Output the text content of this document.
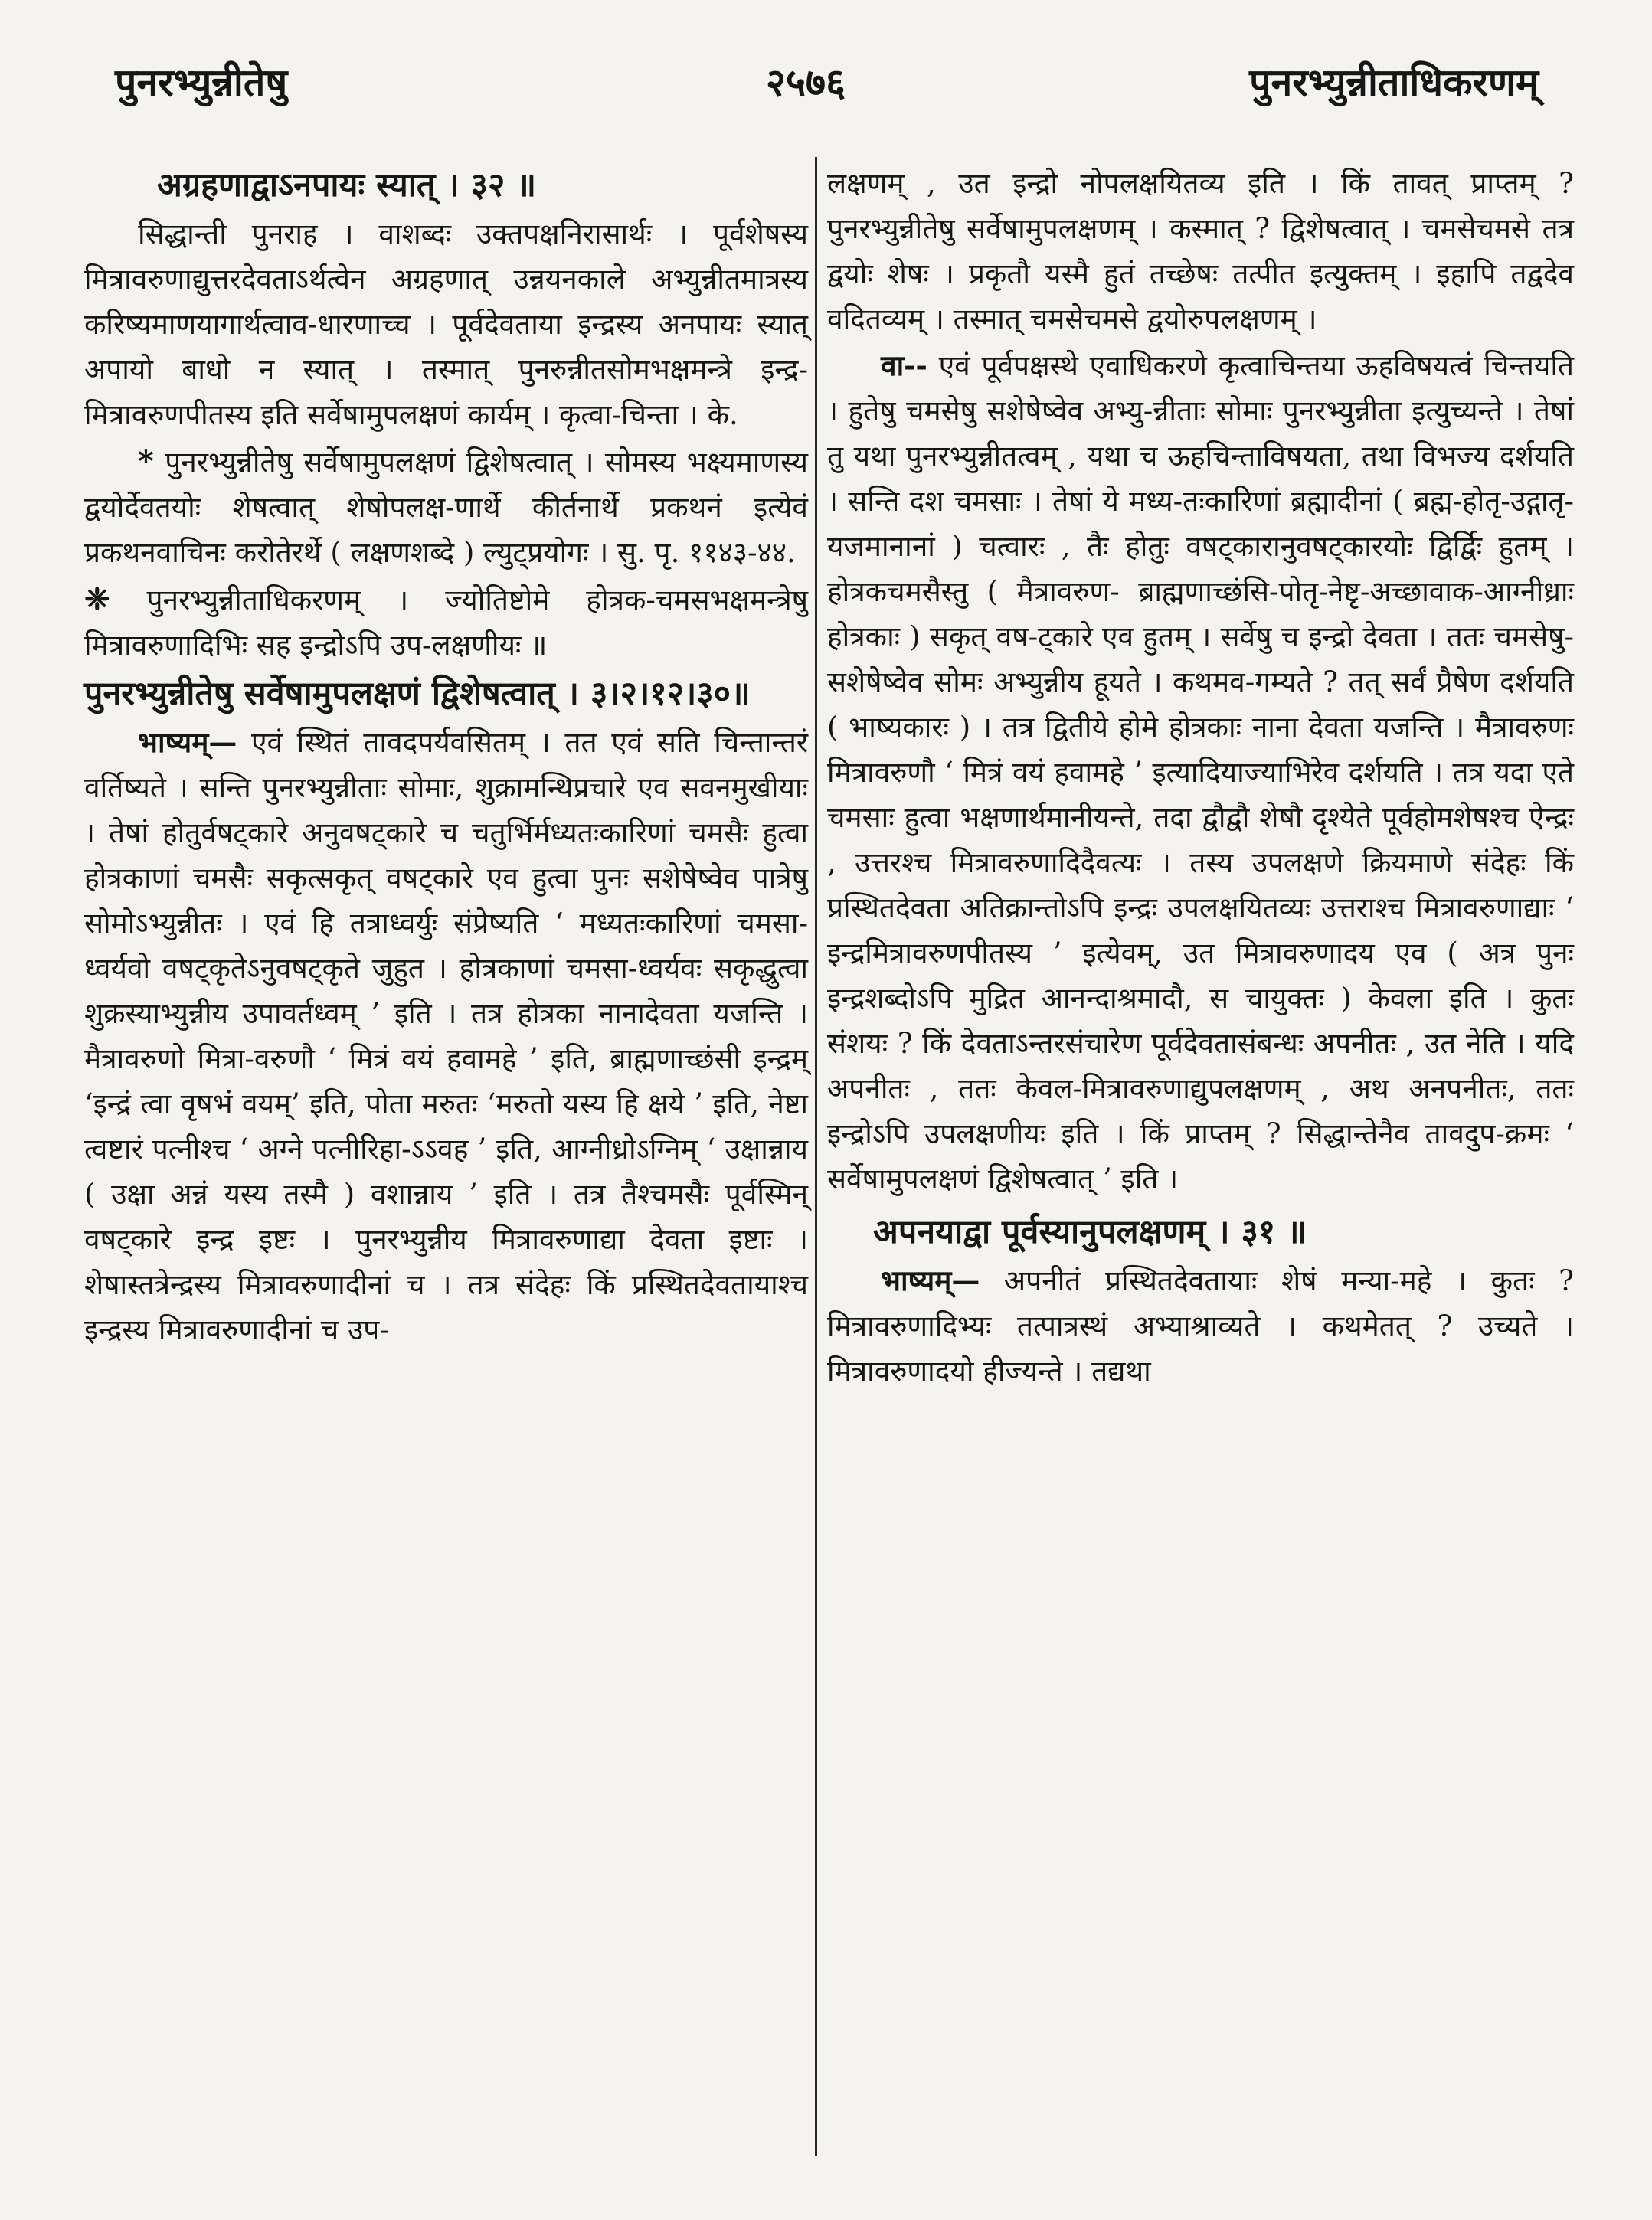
पुनरभ्युन्नीतेषु	२५७६	पुनरभ्युन्नीताधिकरणम्

अग्रहणाद्वाऽनपायः स्यात् । ३२ ॥

सिद्धान्ती पुनराह । वाशब्दः उक्तपक्षनिरासार्थः । पूर्वशेषस्य मित्रावरुणाद्युत्तरदेवताऽर्थत्वेन अग्रहणात् उन्नयनकाले अभ्युन्नीतमात्रस्य करिष्यमाणयागार्थत्वाव-धारणाच्च । पूर्वदेवताया इन्द्रस्य अनपायः स्यात् अपायो बाधो न स्यात् । तस्मात् पुनरुन्नीतसोमभक्षमन्त्रे इन्द्र-मित्रावरुणपीतस्य इति सर्वेषामुपलक्षणं कार्यम् । कृत्वा-चिन्ता । के.

* पुनरभ्युन्नीतेषु सर्वेषामुपलक्षणं द्विशेषत्वात् । सोमस्य भक्ष्यमाणस्य द्वयोर्देवतयोः शेषत्वात् शेषोपलक्ष-णार्थे कीर्तनार्थे प्रकथनं इत्येवं प्रकथनवाचिनः करोतेरर्थे ( लक्षणशब्दे ) ल्युट्प्रयोगः । सु. पृ. ११४३-४४.

❈ पुनरभ्युन्नीताधिकरणम् । ज्योतिष्टोमे होत्रक-चमसभक्षमन्त्रेषु मित्रावरुणादिभिः सह इन्द्रोऽपि उप-लक्षणीयः ॥

पुनरभ्युन्नीतेषु सर्वेषामुपलक्षणं द्विशेषत्वात् । ३।२।१२।३०॥

भाष्यम्— एवं स्थितं तावदपर्यवसितम् । तत एवं सति चिन्तान्तरं वर्तिष्यते । सन्ति पुनरभ्युन्नीताः सोमाः, शुक्रामन्थिप्रचारे एव सवनमुखीयाः । तेषां होतुर्वषट्कारे अनुवषट्कारे च चतुर्भिर्मध्यतःकारिणां चमसैः हुत्वा होत्रकाणां चमसैः सकृत्सकृत् वषट्कारे एव हुत्वा पुनः सशेषेष्वेव पात्रेषु सोमोऽभ्युन्नीतः । एवं हि तत्राध्वर्युः संप्रेष्यति ‘ मध्यतःकारिणां चमसा-ध्वर्यवो वषट्कृतेऽनुवषट्कृते जुहुत । होत्रकाणां चमसा-ध्वर्यवः सकृद्धुत्वा शुक्रस्याभ्युन्नीय उपावर्तध्वम् ’ इति । तत्र होत्रका नानादेवता यजन्ति । मैत्रावरुणो मित्रा-वरुणौ ‘ मित्रं वयं हवामहे ’ इति, ब्राह्मणाच्छंसी इन्द्रम् ‘इन्द्रं त्वा वृषभं वयम्’ इति, पोता मरुतः ‘मरुतो यस्य हि क्षये ’ इति, नेष्टा त्वष्टारं पत्नीश्च ‘ अग्ने पत्नीरिहा-ऽऽवह ’ इति, आग्नीध्रोऽग्निम् ‘ उक्षान्नाय ( उक्षा अन्नं यस्य तस्मै ) वशान्नाय ’ इति । तत्र तैश्चमसैः पूर्वस्मिन् वषट्कारे इन्द्र इष्टः । पुनरभ्युन्नीय मित्रावरुणाद्या देवता इष्टाः । शेषास्तत्रेन्द्रस्य मित्रावरुणादीनां च । तत्र संदेहः किं प्रस्थितदेवतायाश्च इन्द्रस्य मित्रावरुणादीनां च उप-

लक्षणम् , उत इन्द्रो नोपलक्षयितव्य इति । किं तावत् प्राप्तम् ? पुनरभ्युन्नीतेषु सर्वेषामुपलक्षणम् । कस्मात् ? द्विशेषत्वात् । चमसेचमसे तत्र द्वयोः शेषः । प्रकृतौ यस्मै हुतं तच्छेषः तत्पीत इत्युक्तम् । इहापि तद्वदेव वदितव्यम् । तस्मात् चमसेचमसे द्वयोरुपलक्षणम् ।

वा-- एवं पूर्वपक्षस्थे एवाधिकरणे कृत्वाचिन्तया ऊहविषयत्वं चिन्तयति । हुतेषु चमसेषु सशेषेष्वेव अभ्यु-न्नीताः सोमाः पुनरभ्युन्नीता इत्युच्यन्ते । तेषां तु यथा पुनरभ्युन्नीतत्वम् , यथा च ऊहचिन्ताविषयता, तथा विभज्य दर्शयति । सन्ति दश चमसाः । तेषां ये मध्य-तःकारिणां ब्रह्मादीनां ( ब्रह्म-होतृ-उद्गातृ-यजमानानां ) चत्वारः , तैः होतुः वषट्कारानुवषट्कारयोः द्विर्द्विः हुतम् । होत्रकचमसैस्तु ( मैत्रावरुण- ब्राह्मणाच्छंसि-पोतृ-नेष्टृ-अच्छावाक-आग्नीध्राः होत्रकाः ) सकृत् वष-ट्कारे एव हुतम् । सर्वेषु च इन्द्रो देवता । ततः चमसेषु-सशेषेष्वेव सोमः अभ्युन्नीय हूयते । कथमव-गम्यते ? तत् सर्वं प्रैषेण दर्शयति ( भाष्यकारः ) । तत्र द्वितीये होमे होत्रकाः नाना देवता यजन्ति । मैत्रावरुणः मित्रावरुणौ ‘ मित्रं वयं हवामहे ’ इत्यादियाज्याभिरेव दर्शयति । तत्र यदा एते चमसाः हुत्वा भक्षणार्थमानीयन्ते, तदा द्वौद्वौ शेषौ दृश्येते पूर्वहोमशेषश्च ऐन्द्रः , उत्तरश्च मित्रावरुणादिदैवत्यः । तस्य उपलक्षणे क्रियमाणे संदेहः किं प्रस्थितदेवता अतिक्रान्तोऽपि इन्द्रः उपलक्षयितव्यः उत्तराश्च मित्रावरुणाद्याः ‘ इन्द्रमित्रावरुणपीतस्य ’ इत्येवम्, उत मित्रावरुणादय एव ( अत्र पुनः इन्द्रशब्दोऽपि मुद्रित आनन्दाश्रमादौ, स चायुक्तः ) केवला इति । कुतः संशयः ? किं देवताऽन्तरसंचारेण पूर्वदेवतासंबन्धः अपनीतः , उत नेति । यदि अपनीतः , ततः केवल-मित्रावरुणाद्युपलक्षणम् , अथ अनपनीतः, ततः इन्द्रोऽपि उपलक्षणीयः इति । किं प्राप्तम् ? सिद्धान्तेनैव तावदुप-क्रमः ‘ सर्वेषामुपलक्षणं द्विशेषत्वात् ’ इति ।

अपनयाद्वा पूर्वस्यानुपलक्षणम् । ३१ ॥

भाष्यम्— अपनीतं प्रस्थितदेवतायाः शेषं मन्या-महे । कुतः ? मित्रावरुणादिभ्यः तत्पात्रस्थं अभ्याश्राव्यते । कथमेतत् ? उच्यते । मित्रावरुणादयो हीज्यन्ते । तद्यथा
